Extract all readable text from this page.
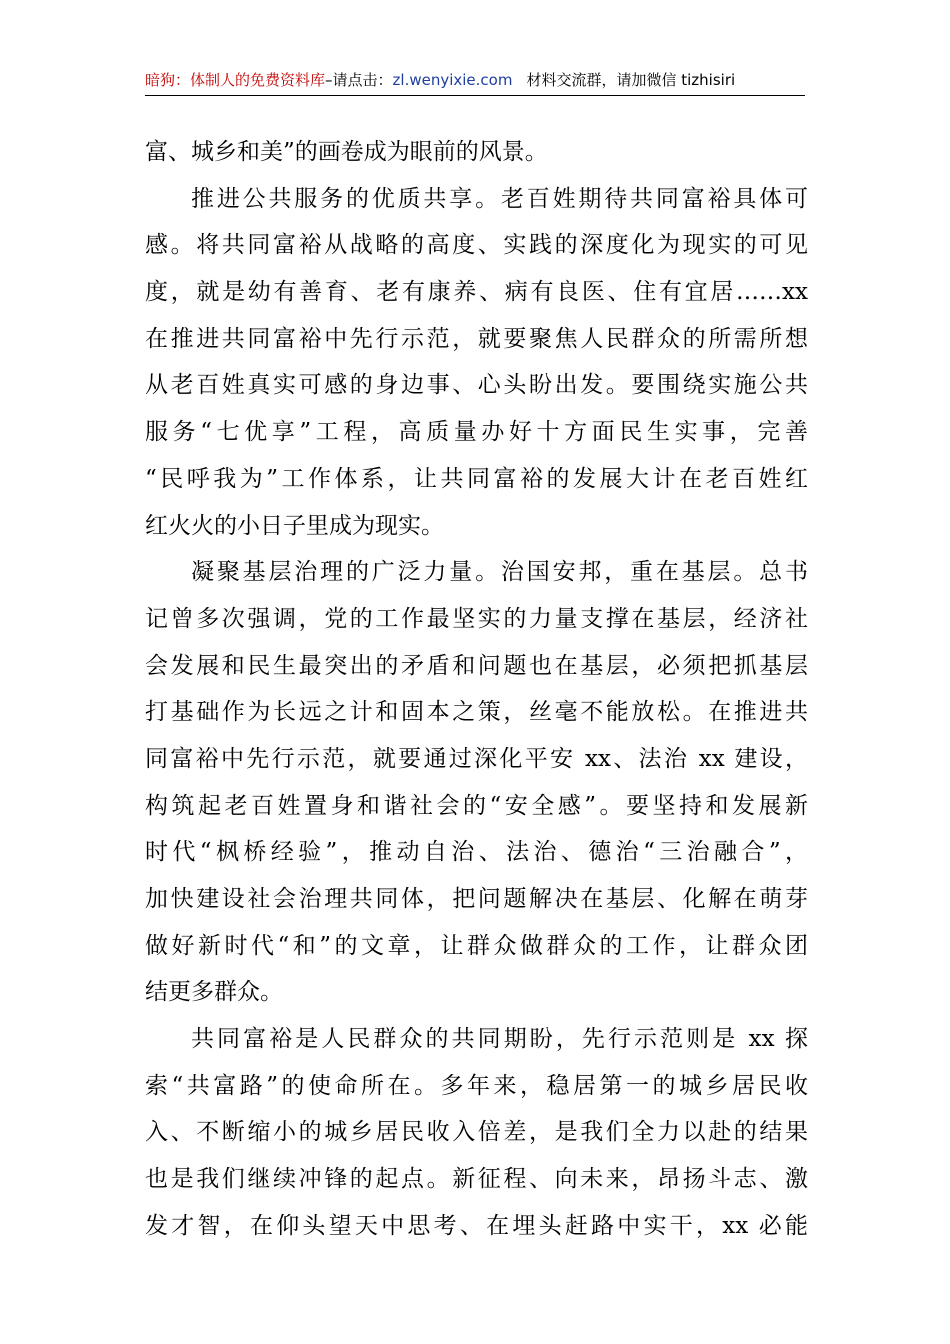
暗狗：体制人的免费资料库–请点击：zl.wenyixie.com 材料交流群，请加微信 tizhisiri
富、城乡和美”的画卷成为眼前的风景。
推进公共服务的优质共享。老百姓期待共同富裕具体可
感。将共同富裕从战略的高度、实践的深度化为现实的可见
度，就是幼有善育、老有康养、病有良医、住有宜居……xx
在推进共同富裕中先行示范，就要聚焦人民群众的所需所想
从老百姓真实可感的身边事、心头盼出发。要围绕实施公共
服务“七优享”工程，高质量办好十方面民生实事，完善
“民呼我为”工作体系，让共同富裕的发展大计在老百姓红
红火火的小日子里成为现实。
凝聚基层治理的广泛力量。治国安邦，重在基层。总书
记曾多次强调，党的工作最坚实的力量支撑在基层，经济社
会发展和民生最突出的矛盾和问题也在基层，必须把抓基层
打基础作为长远之计和固本之策，丝毫不能放松。在推进共
同富裕中先行示范，就要通过深化平安 xx、法治 xx 建设，
构筑起老百姓置身和谐社会的“安全感”。要坚持和发展新
时代“枫桥经验”，推动自治、法治、德治“三治融合”，
加快建设社会治理共同体，把问题解决在基层、化解在萌芽
做好新时代“和”的文章，让群众做群众的工作，让群众团
结更多群众。
共同富裕是人民群众的共同期盼，先行示范则是 xx 探
索“共富路”的使命所在。多年来，稳居第一的城乡居民收
入、不断缩小的城乡居民收入倍差，是我们全力以赴的结果
也是我们继续冲锋的起点。新征程、向未来，昂扬斗志、激
发才智，在仰头望天中思考、在埋头赶路中实干，xx 必能
